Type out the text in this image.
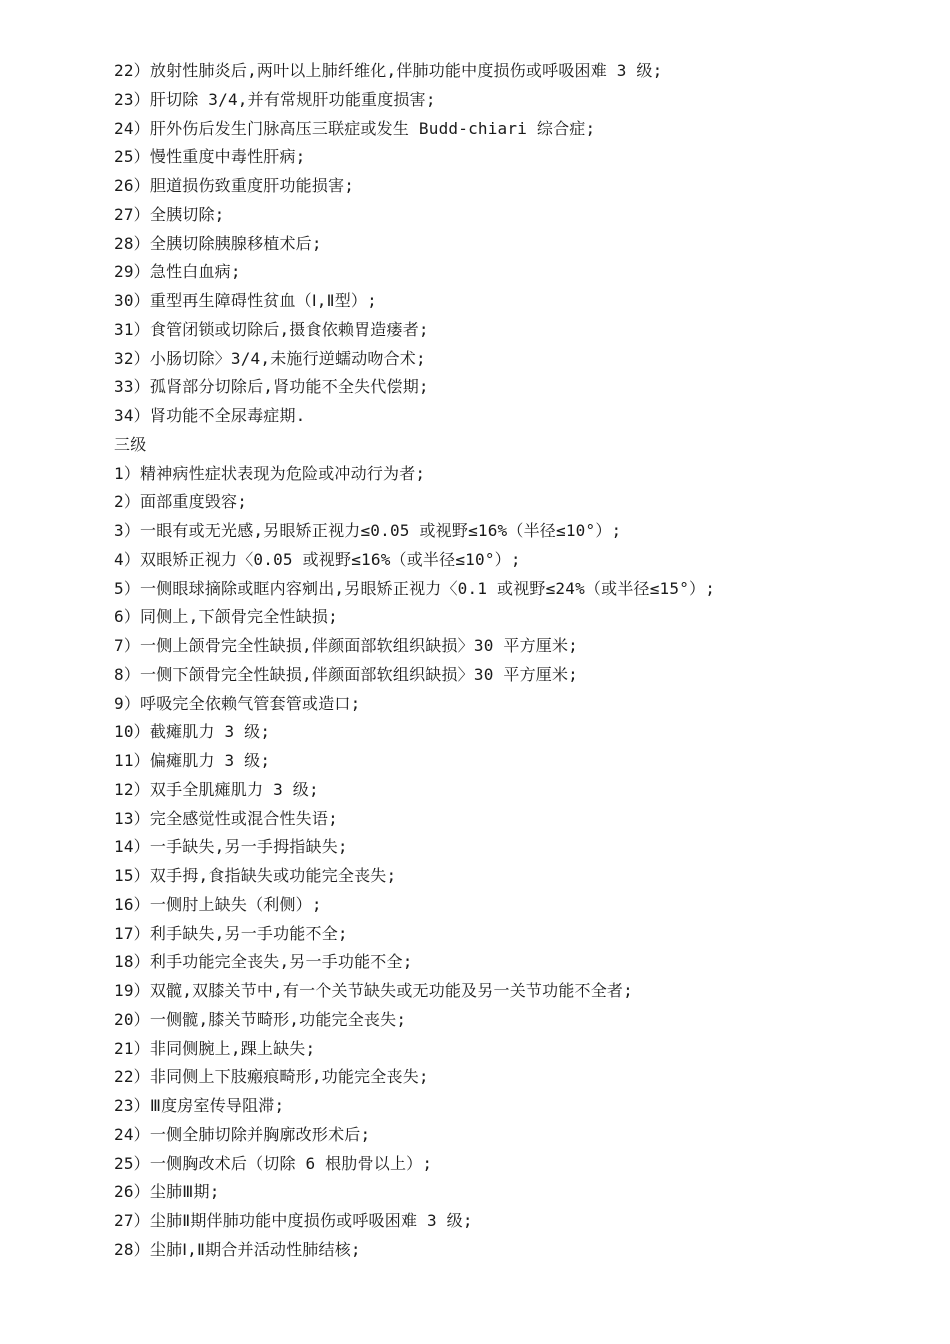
22）放射性肺炎后,两叶以上肺纤维化,伴肺功能中度损伤或呼吸困难 3 级;
23）肝切除 3/4,并有常规肝功能重度损害;
24）肝外伤后发生门脉高压三联症或发生 Budd-chiari 综合症;
25）慢性重度中毒性肝病;
26）胆道损伤致重度肝功能损害;
27）全胰切除;
28）全胰切除胰腺移植术后;
29）急性白血病;
30）重型再生障碍性贫血（Ⅰ,Ⅱ型）;
31）食管闭锁或切除后,摄食依赖胃造瘘者;
32）小肠切除〉3/4,未施行逆蠕动吻合术;
33）孤肾部分切除后,肾功能不全失代偿期;
34）肾功能不全尿毒症期.
三级
1）精神病性症状表现为危险或冲动行为者;
2）面部重度毁容;
3）一眼有或无光感,另眼矫正视力≤0.05 或视野≤16%（半径≤10°）;
4）双眼矫正视力〈0.05 或视野≤16%（或半径≤10°）;
5）一侧眼球摘除或眶内容剜出,另眼矫正视力〈0.1 或视野≤24%（或半径≤15°）;
6）同侧上,下颌骨完全性缺损;
7）一侧上颌骨完全性缺损,伴颜面部软组织缺损〉30 平方厘米;
8）一侧下颌骨完全性缺损,伴颜面部软组织缺损〉30 平方厘米;
9）呼吸完全依赖气管套管或造口;
10）截瘫肌力 3 级;
11）偏瘫肌力 3 级;
12）双手全肌瘫肌力 3 级;
13）完全感觉性或混合性失语;
14）一手缺失,另一手拇指缺失;
15）双手拇,食指缺失或功能完全丧失;
16）一侧肘上缺失（利侧）;
17）利手缺失,另一手功能不全;
18）利手功能完全丧失,另一手功能不全;
19）双髋,双膝关节中,有一个关节缺失或无功能及另一关节功能不全者;
20）一侧髋,膝关节畸形,功能完全丧失;
21）非同侧腕上,踝上缺失;
22）非同侧上下肢瘢痕畸形,功能完全丧失;
23）Ⅲ度房室传导阻滞;
24）一侧全肺切除并胸廓改形术后;
25）一侧胸改术后（切除 6 根肋骨以上）;
26）尘肺Ⅲ期;
27）尘肺Ⅱ期伴肺功能中度损伤或呼吸困难 3 级;
28）尘肺Ⅰ,Ⅱ期合并活动性肺结核;
